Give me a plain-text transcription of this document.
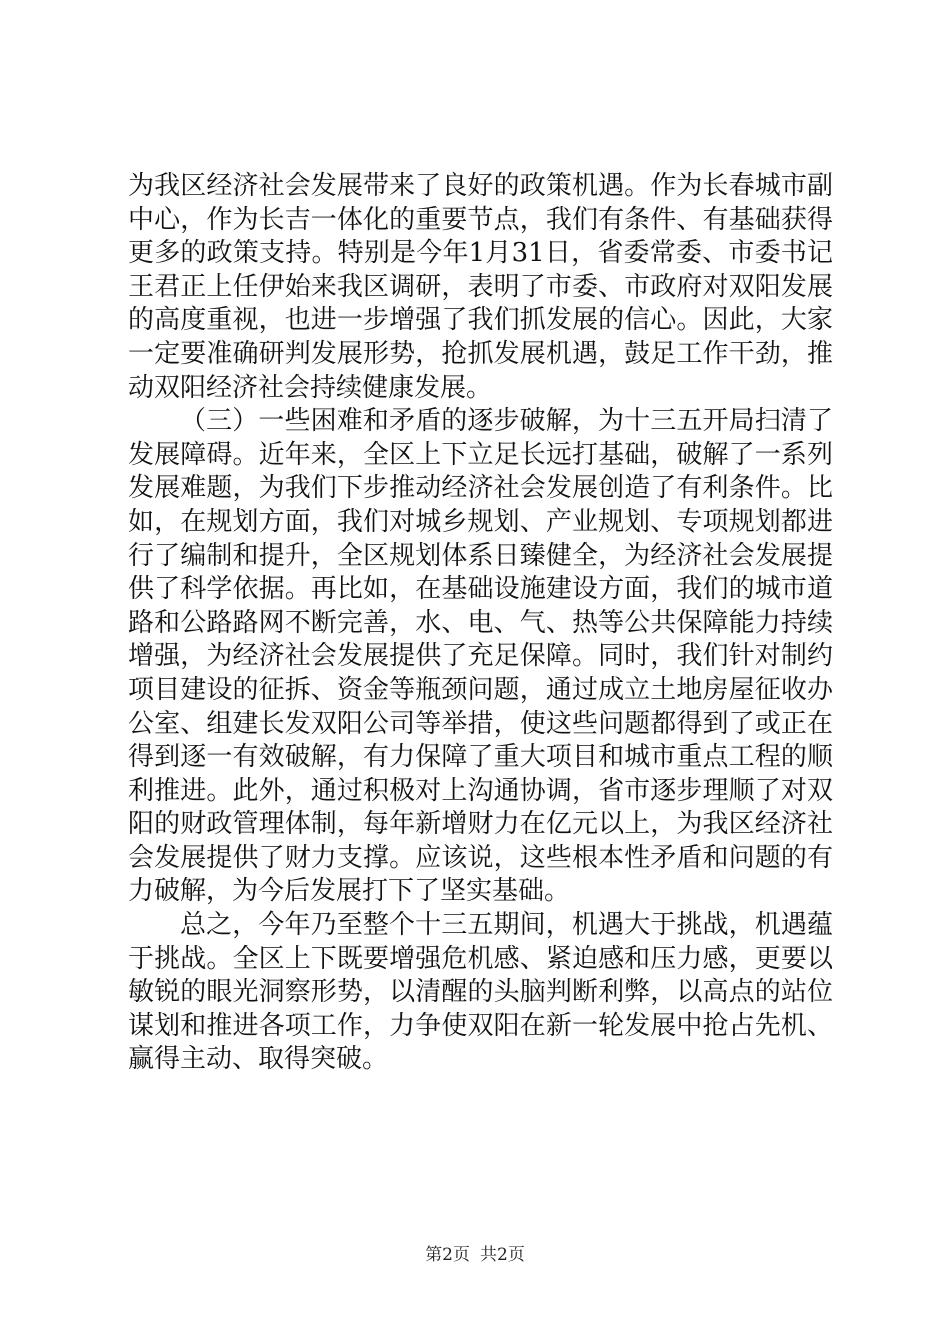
为我区经济社会发展带来了良好的政策机遇。作为长春城市副
中心，作为长吉一体化的重要节点，我们有条件、有基础获得
更多的政策支持。特别是今年1月31日，省委常委、市委书记
王君正上任伊始来我区调研，表明了市委、市政府对双阳发展
的高度重视，也进一步增强了我们抓发展的信心。因此，大家
一定要准确研判发展形势，抢抓发展机遇，鼓足工作干劲，推
动双阳经济社会持续健康发展。
（三）一些困难和矛盾的逐步破解，为十三五开局扫清了
发展障碍。近年来，全区上下立足长远打基础，破解了一系列
发展难题，为我们下步推动经济社会发展创造了有利条件。比
如，在规划方面，我们对城乡规划、产业规划、专项规划都进
行了编制和提升，全区规划体系日臻健全，为经济社会发展提
供了科学依据。再比如，在基础设施建设方面，我们的城市道
路和公路路网不断完善，水、电、气、热等公共保障能力持续
增强，为经济社会发展提供了充足保障。同时，我们针对制约
项目建设的征拆、资金等瓶颈问题，通过成立土地房屋征收办
公室、组建长发双阳公司等举措，使这些问题都得到了或正在
得到逐一有效破解，有力保障了重大项目和城市重点工程的顺
利推进。此外，通过积极对上沟通协调，省市逐步理顺了对双
阳的财政管理体制，每年新增财力在亿元以上，为我区经济社
会发展提供了财力支撑。应该说，这些根本性矛盾和问题的有
力破解，为今后发展打下了坚实基础。
总之，今年乃至整个十三五期间，机遇大于挑战，机遇蕴
于挑战。全区上下既要增强危机感、紧迫感和压力感，更要以
敏锐的眼光洞察形势，以清醒的头脑判断利弊，以高点的站位
谋划和推进各项工作，力争使双阳在新一轮发展中抢占先机、
赢得主动、取得突破。
第2页 共2页
